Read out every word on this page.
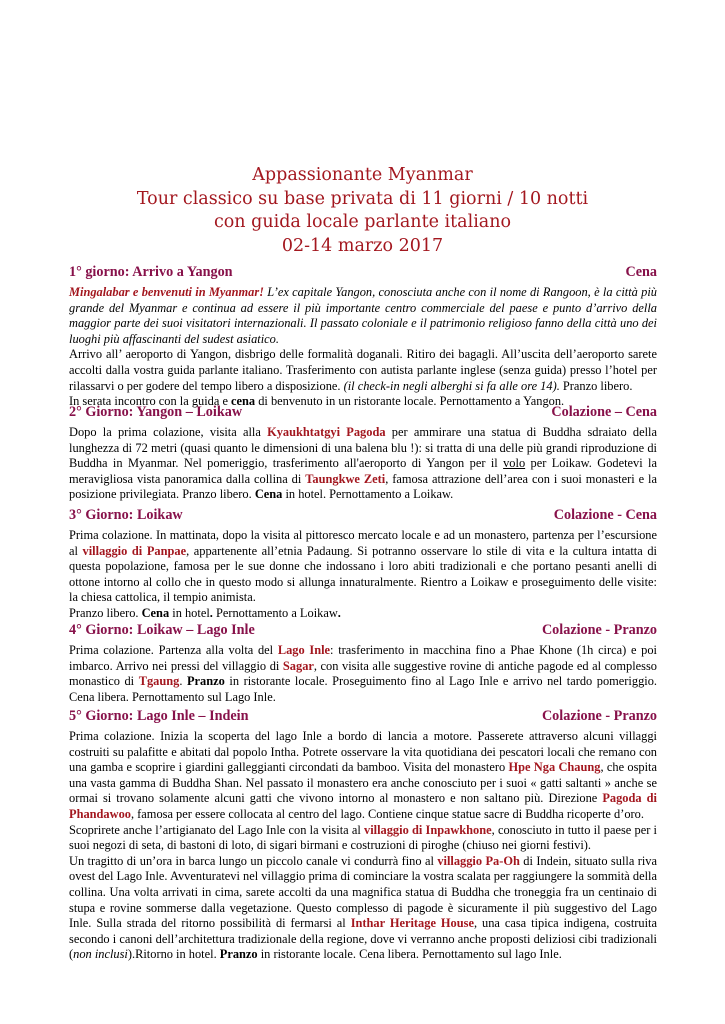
Appassionante Myanmar
Tour classico su base privata di 11 giorni / 10 notti
con guida locale parlante italiano
02-14 marzo 2017
1° giorno: Arrivo a Yangon	Cena

Mingalabar e benvenuti in Myanmar! L’ex capitale Yangon, conosciuta anche con il nome di Rangoon, è la città più grande del Myanmar e continua ad essere il più importante centro commerciale del paese e punto d’arrivo della maggior parte dei suoi visitatori internazionali. Il passato coloniale e il patrimonio religioso fanno della città uno dei luoghi più affascinanti del sudest asiatico.

Arrivo all’ aeroporto di Yangon, disbrigo delle formalità doganali. Ritiro dei bagagli. All’uscita dell’aeroporto sarete accolti dalla vostra guida parlante italiano. Trasferimento con autista parlante inglese (senza guida) presso l’hotel per rilassarvi o per godere del tempo libero a disposizione. (il check-in negli alberghi si fa alle ore 14). Pranzo libero.

In serata incontro con la guida e cena di benvenuto in un ristorante locale. Pernottamento a Yangon.

2° Giorno: Yangon – Loikaw	Colazione – Cena

Dopo la prima colazione, visita alla Kyaukhtatgyi Pagoda per ammirare una statua di Buddha sdraiato della lunghezza di 72 metri (quasi quanto le dimensioni di una balena blu !): si tratta di una delle più grandi riproduzione di Buddha in Myanmar. Nel pomeriggio, trasferimento all'aeroporto di Yangon per il volo per Loikaw. Godetevi la meravigliosa vista panoramica dalla collina di Taungkwe Zeti, famosa attrazione dell’area con i suoi monasteri e la posizione privilegiata. Pranzo libero. Cena in hotel. Pernottamento a Loikaw.

3° Giorno: Loikaw	Colazione - Cena

Prima colazione. In mattinata, dopo la visita al pittoresco mercato locale e ad un monastero, partenza per l’escursione al villaggio di Panpae, appartenente all’etnia Padaung. Si potranno osservare lo stile di vita e la cultura intatta di questa popolazione, famosa per le sue donne che indossano i loro abiti tradizionali e che portano pesanti anelli di ottone intorno al collo che in questo modo si allunga innaturalmente. Rientro a Loikaw e proseguimento delle visite: la chiesa cattolica, il tempio animista.

Pranzo libero. Cena in hotel. Pernottamento a Loikaw.

4° Giorno: Loikaw – Lago Inle	Colazione - Pranzo

Prima colazione. Partenza alla volta del Lago Inle: trasferimento in macchina fino a Phae Khone (1h circa) e poi imbarco. Arrivo nei pressi del villaggio di Sagar, con visita alle suggestive rovine di antiche pagode ed al complesso monastico di Tgaung. Pranzo in ristorante locale. Proseguimento fino al Lago Inle e arrivo nel tardo pomeriggio. Cena libera. Pernottamento sul Lago Inle.

5° Giorno: Lago Inle – Indein	Colazione - Pranzo

Prima colazione. Inizia la scoperta del lago Inle a bordo di lancia a motore. Passerete attraverso alcuni villaggi costruiti su palafitte e abitati dal popolo Intha. Potrete osservare la vita quotidiana dei pescatori locali che remano con una gamba e scoprire i giardini galleggianti circondati da bamboo. Visita del monastero Hpe Nga Chaung, che ospita una vasta gamma di Buddha Shan. Nel passato il monastero era anche conosciuto per i suoi « gatti saltanti » anche se ormai si trovano solamente alcuni gatti che vivono intorno al monastero e non saltano più. Direzione Pagoda di Phandawoo, famosa per essere collocata al centro del lago. Contiene cinque statue sacre di Buddha ricoperte d’oro.

Scoprirete anche l’artigianato del Lago Inle con la visita al villaggio di Inpawkhone, conosciuto in tutto il paese per i suoi negozi di seta, di bastoni di loto, di sigari birmani e costruzioni di piroghe (chiuso nei giorni festivi).

Un tragitto di un’ora in barca lungo un piccolo canale vi condurrà fino al villaggio Pa-Oh di Indein, situato sulla riva ovest del Lago Inle. Avventuratevi nel villaggio prima di cominciare la vostra scalata per raggiungere la sommità della collina. Una volta arrivati in cima, sarete accolti da una magnifica statua di Buddha che troneggia fra un centinaio di stupa e rovine sommerse dalla vegetazione. Questo complesso di pagode è sicuramente il più suggestivo del Lago Inle. Sulla strada del ritorno possibilità di fermarsi al Inthar Heritage House, una casa tipica indigena, costruita secondo i canoni dell’architettura tradizionale della regione, dove vi verranno anche proposti deliziosi cibi tradizionali (non inclusi).Ritorno in hotel. Pranzo in ristorante locale. Cena libera. Pernottamento sul lago Inle.
